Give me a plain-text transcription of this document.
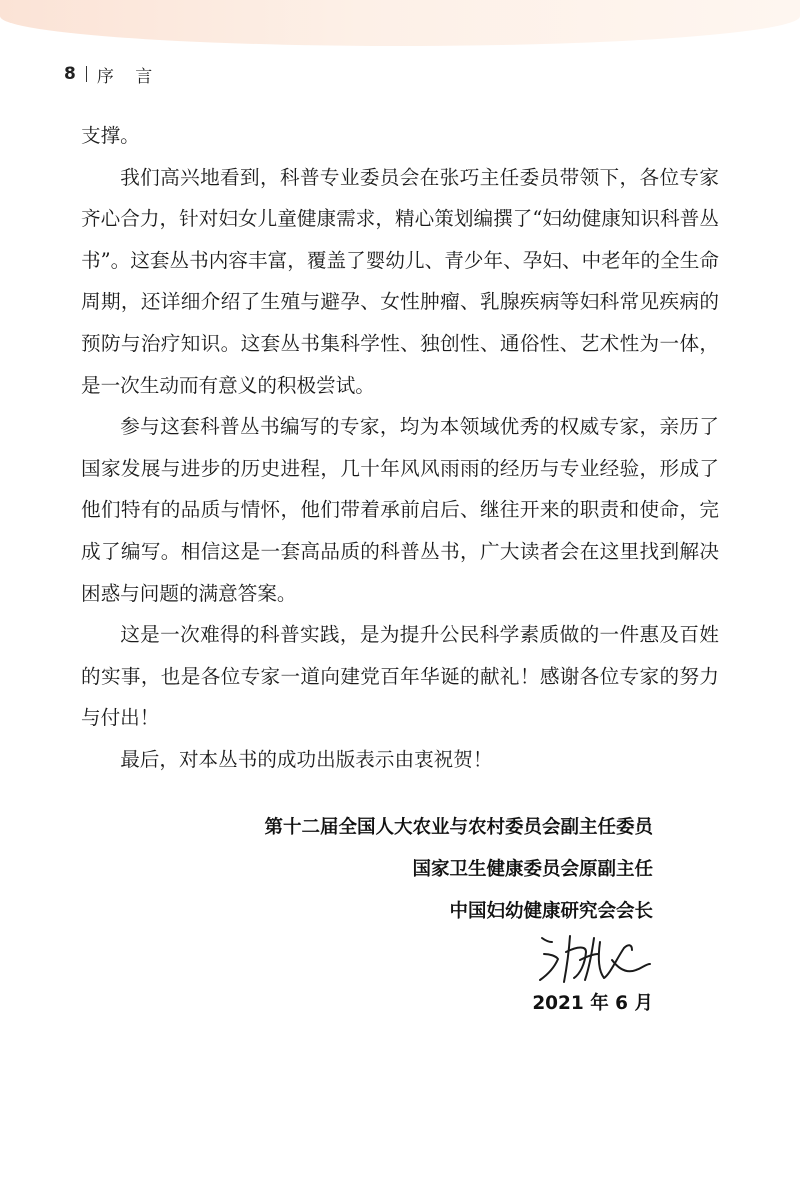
8 序 言

支撑。

我们高兴地看到，科普专业委员会在张巧主任委员带领下，各位专家齐心合力，针对妇女儿童健康需求，精心策划编撰了“妇幼健康知识科普丛书”。这套丛书内容丰富，覆盖了婴幼儿、青少年、孕妇、中老年的全生命周期，还详细介绍了生殖与避孕、女性肿瘤、乳腺疾病等妇科常见疾病的预防与治疗知识。这套丛书集科学性、独创性、通俗性、艺术性为一体，是一次生动而有意义的积极尝试。

参与这套科普丛书编写的专家，均为本领域优秀的权威专家，亲历了国家发展与进步的历史进程，几十年风风雨雨的经历与专业经验，形成了他们特有的品质与情怀，他们带着承前启后、继往开来的职责和使命，完成了编写。相信这是一套高品质的科普丛书，广大读者会在这里找到解决困惑与问题的满意答案。

这是一次难得的科普实践，是为提升公民科学素质做的一件惠及百姓的实事，也是各位专家一道向建党百年华诞的献礼！感谢各位专家的努力与付出！

最后，对本丛书的成功出版表示由衷祝贺！

第十二届全国人大农业与农村委员会副主任委员
国家卫生健康委员会原副主任
中国妇幼健康研究会会长
2021 年 6 月
